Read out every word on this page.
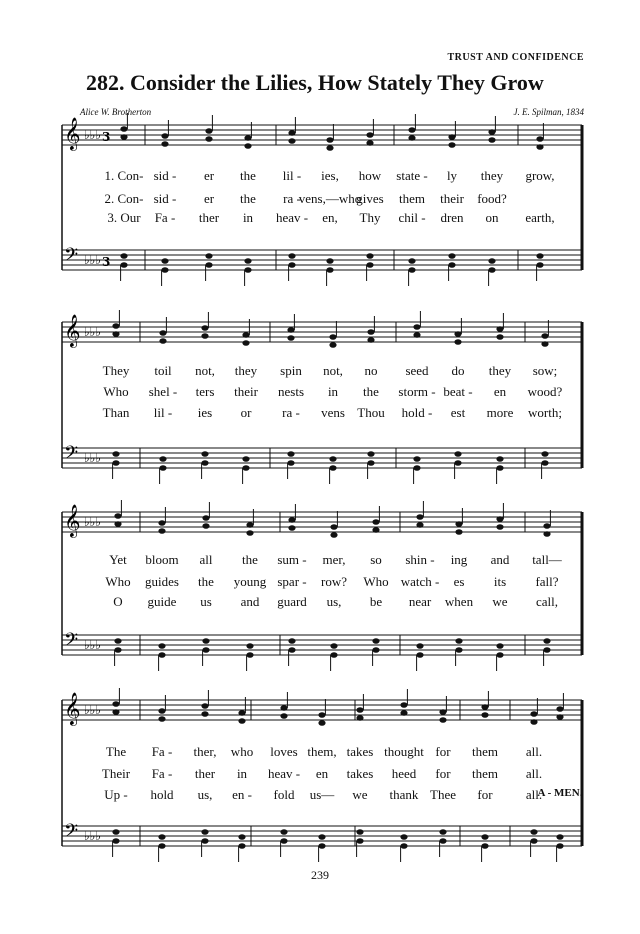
TRUST AND CONFIDENCE
282. Consider the Lilies, How Stately They Grow
Alice W. Brotherton	J. E. Spilman, 1834
𝄞 ♭♭♭ 3
𝄢 ♭♭♭ 3
𝄞 ♭♭♭
𝄢 ♭♭♭
𝄞 ♭♭♭
𝄢 ♭♭♭
𝄞 ♭♭♭
𝄢 ♭♭♭
1. Con- sid - er the lil - ies, how state - ly they grow,
2. Con- sid - er the ra -
vens,—who
gives them their food?
3. Our Fa - ther in heav - en, Thy chil - dren on earth,
They toil not, they spin not, no seed do they sow;
Who shel - ters their nests in the storm - beat - en wood?
Than lil - ies or ra - vens Thou hold - est more worth;
Yet bloom all the sum - mer, so shin - ing and tall—
Who guides the young spar - row? Who watch - es its fall?
O guide us and guard us, be near when we call,
The Fa - ther, who loves them, takes thought for them all.
Their Fa - ther in heav - en takes heed for them all.
Up - hold us, en - fold us— we thank Thee for	all.
A - MEN.
239
